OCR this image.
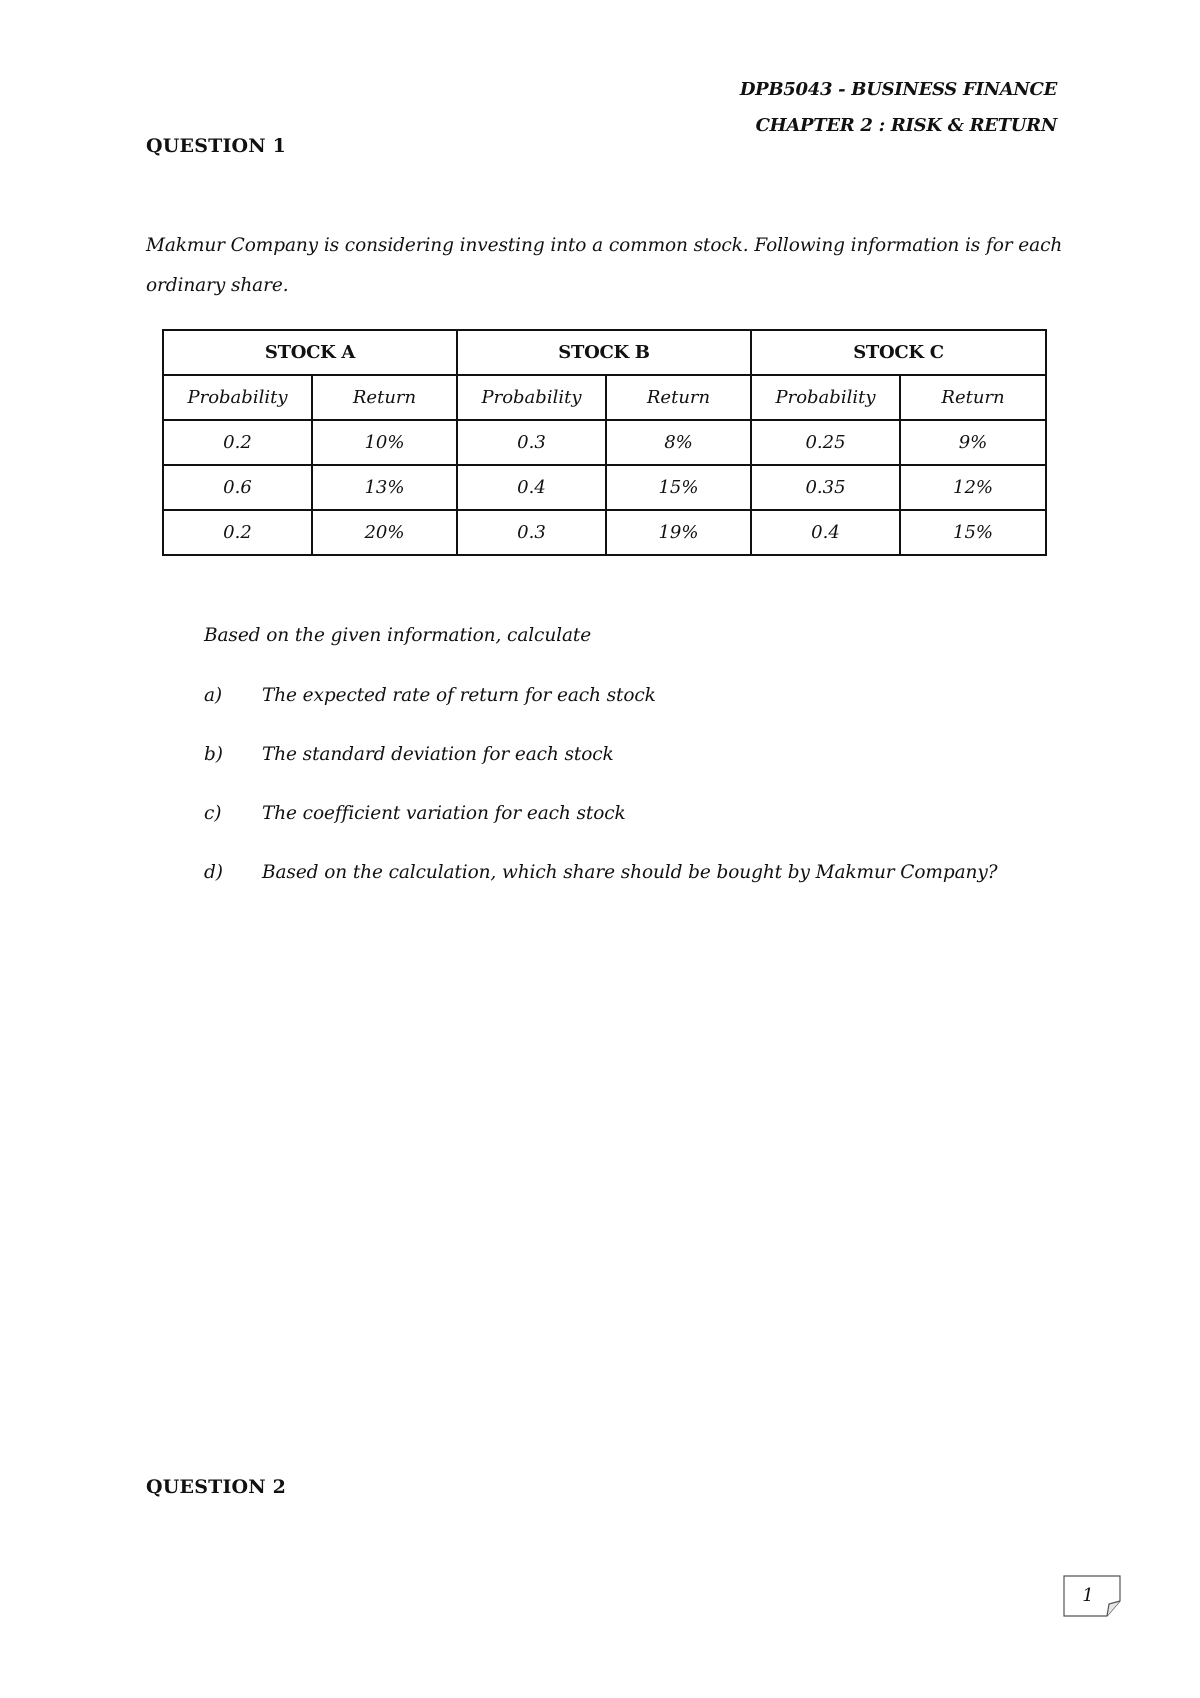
DPB5043 - BUSINESS FINANCE
CHAPTER 2 : RISK & RETURN
QUESTION 1
Makmur Company is considering investing into a common stock. Following information is for each ordinary share.
STOCK A		STOCK B		STOCK C	
Probability	Return	Probability	Return	Probability	Return
0.2	10%	0.3	8%	0.25	9%
0.6	13%	0.4	15%	0.35	12%
0.2	20%	0.3	19%	0.4	15%
Based on the given information, calculate
a)	The expected rate of return for each stock
b)	The standard deviation for each stock
c)	The coefficient variation for each stock
d)	Based on the calculation, which share should be bought by Makmur Company?
QUESTION 2
1
